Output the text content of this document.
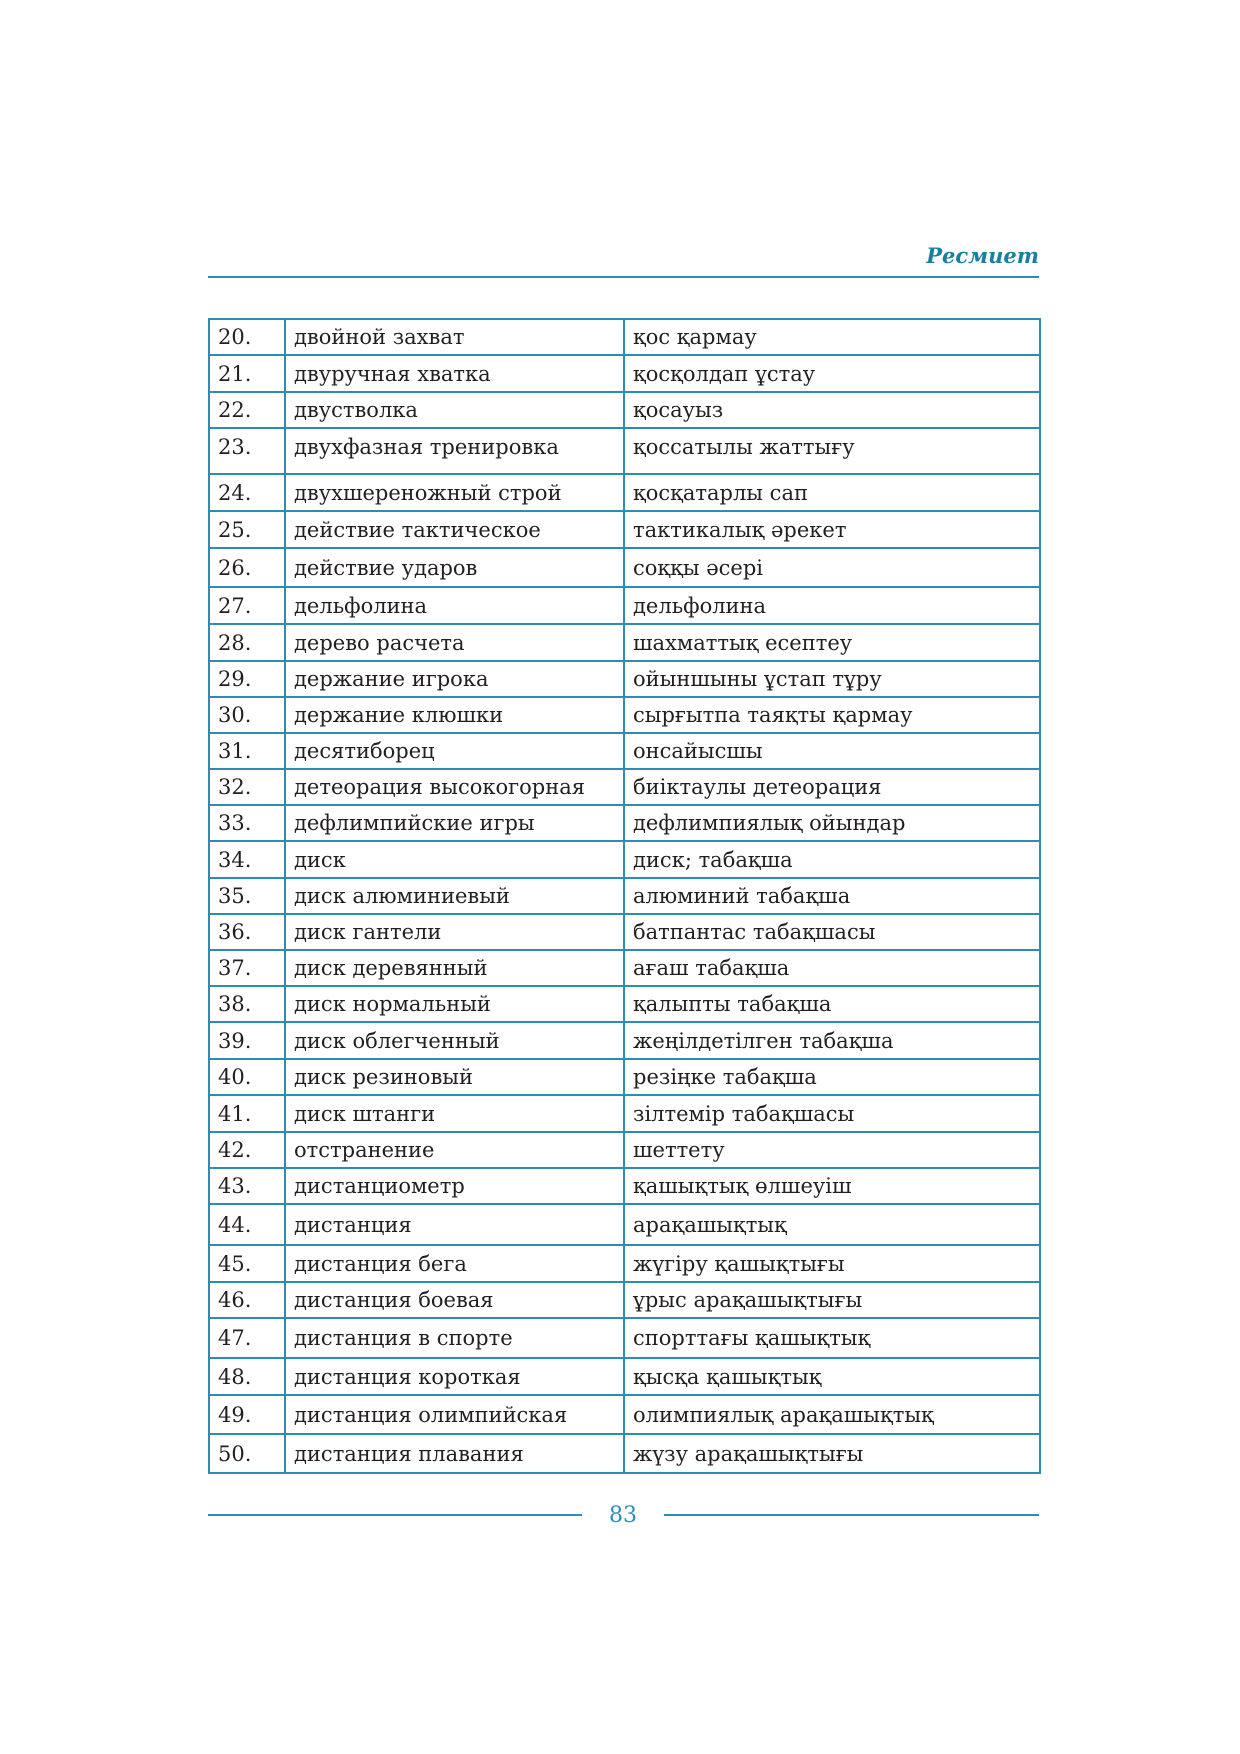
Ресмиет
20.	двойной захват	қос қармау
21.	двуручная хватка	қосқолдап ұстау
22.	двустволка	қосауыз
23.	двухфазная тренировка	қоссатылы жаттығу
24.	двухшереножный строй	қосқатарлы сап
25.	действие тактическое	тактикалық әрекет
26.	действие ударов	соққы әсері
27.	дельфолина	дельфолина
28.	дерево расчета	шахматтық есептеу
29.	держание игрока	ойыншыны ұстап тұру
30.	держание клюшки	сырғытпа таяқты қармау
31.	десятиборец	онсайысшы
32.	детеорация высокогорная	биіктаулы детеорация
33.	дефлимпийские игры	дефлимпиялық ойындар
34.	диск	диск; табақша
35.	диск алюминиевый	алюминий табақша
36.	диск гантели	батпантас табақшасы
37.	диск деревянный	ағаш табақша
38.	диск нормальный	қалыпты табақша
39.	диск облегченный	жеңілдетілген табақша
40.	диск резиновый	резіңке табақша
41.	диск штанги	зілтемір табақшасы
42.	отстранение	шеттету
43.	дистанциометр	қашықтық өлшеуіш
44.	дистанция	арақашықтық
45.	дистанция бега	жүгіру қашықтығы
46.	дистанция боевая	ұрыс арақашықтығы
47.	дистанция в спорте	спорттағы қашықтық
48.	дистанция короткая	қысқа қашықтық
49.	дистанция олимпийская	олимпиялық арақашықтық
50.	дистанция плавания	жүзу арақашықтығы
83
